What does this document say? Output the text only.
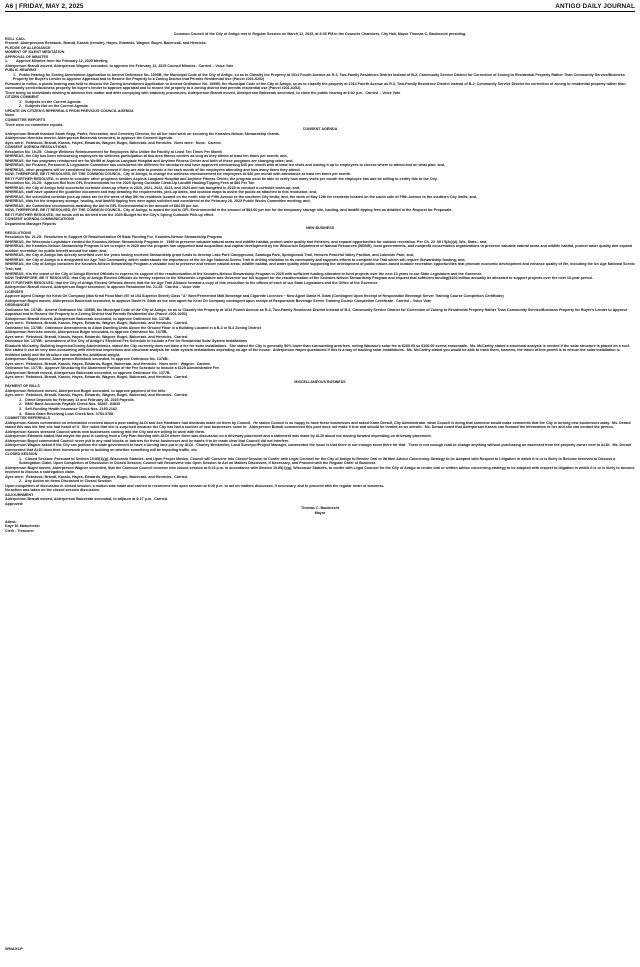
A6 | FRIDAY, MAY 2, 2025	ANTIGO DAILY JOURNAL

Common Council of the City of Antigo met in Regular Session on March 12, 2025, at 6:00 PM in the Councils Chambers, City Hall, Mayor Thomas C. Bauknecht presiding.

ROLL CALL

Present: Alderpersons Rebstock, Brandt, Kassis (remote), Hayes, Edwards, Wagner, Bugni, Balcerzak, and Henricks.

PLEDGE OF ALLEGIANCE

MOMENT OF SILENT MEDITATION

APPROVAL OF MINUTES

1.        Approve Minutes from the February 12, 2025 Meeting

Alderperson Brandt moved, Alderperson Wagner seconded, to approve the February 12, 2025 Council Minutes.  Carried – Voice Vote

PUBLIC HEARING

1.   Public Hearing for Zoning Amendment Application to Amend Ordinance No. 1095B, the Municipal Code of the City of Antigo, so as to Classify the Property at 1014 Fourth Avenue as R-3, Two-Family Residence District Instead of B-2, Community Service District for Correction of Zoning to Residential Property Rather Than Community Service/Business Property for Buyer's Lender to Approve Appraisal and to Rezone the Property to a Zoning District that Permits Residential Use (Parcel #201-0252)

Pursuant to notice, a public hearing was held to discuss the Zoning Amendment Application to Amend Ordinance No. 1095B, the Municipal Code of the City of Antigo, so as to classify the property at 1014 Fourth Avenue as R-3, Two-Family Residence District Instead of B-2, Community Service District for correction of zoning to residential property rather than community service/business property for buyer's lender to approve appraisal and to rezone the property to a zoning district that permits residential use (Parcel #201-0252).

There being no individuals wishing to address this matter and after complying with statutory procedures, Alderperson Brandt moved, Alderperson Balcerzak seconded, to close the public hearing at 6:02 p.m.  Carried – Voice Vote

CITIZEN COMMENT

1.   Subjects on the Current Agenda

2.   Subjects Not on the Current Agenda

UPDATE ON CITIZEN'S REFERRALS FROM PREVIOUS COUNCIL AGENDA

None.

COMMITTEE REPORTS

There were no committee reports.

CONSENT AGENDA

Alderperson Brandt thanked Sarah Repp, Parks, Recreation, and Cemetery Director, for all her hard work on securing the Knowles-Nelson Stewardship Grants.

Alderperson Henricks moved, Alderperson Balcerzak seconded, to approve the Consent Agenda.

Ayes were:  Rebstock, Brandt, Kassis, Hayes, Edwards, Wagner, Bugni, Balcerzak, and Henricks.  Noes were:  None.  Carried.

CONSENT AGENDA RESOLUTIONS

Resolution No. 19-25:  Change Wellness Reimbursement for Employees Who Utilize the Facility at Least Ten Times Per Month

WHEREAS, the City has been reimbursing employees for wellness participation at two area fitness centers as long as they attend at least ten times per month; and,

WHEREAS, the two programs reimbursed are for Wellfit at Aspirus Langlade Hospital and Anytime Fitness Center and both of these programs are changing rates; and,

WHEREAS, the Finance, Personnel & Legislative Committee has considered the different fee structures and have approved reimbursing $40 per month with at least ten visits and leaving it up to employees to choose where to attend and on what plan; and,

WHEREAS, other programs will be considered for reimbursement if they are able to provide a list each month of the employees attending and how many times they attend.

NOW, THEREFORE, BE IT RESOLVED, BY THE COMMON COUNCIL, City of Antigo, to change the wellness reimbursement for employees to $40 per month with attendance at least ten times per month.

BE IT FURTHER RESOLVED, in order to consider other programs besides Aspirus Langlade Hospital and Anytime Fitness Center, the program must be able to verify how many visits per month the employee has and be willing to certify this to the City.

Resolution No. 20-25:  Approve Bid from GFL Environmental for the 2025 Spring Curbside Clean-Up Landfill Hauling/Tipping Fees at $84 Per Ton

WHEREAS, the City of Antigo held successful curbside clean-up efforts in 2020, 2021, 2022, 2023, and 2024 and has budgeted in 2025 to conduct a curbside clean-up; and,

WHEREAS, staff have updated the guideline document and map detailing the requirements, pick-up dates, and location maps to assist the public as attached to this resolution; and,

WHEREAS, the scheduled curbside pick-up dates are for the week of May 5th for residents located on the north side of Fifth Avenue to the southern City limits; and, the week of May 12th for residents located on the south side of Fifth Avenue to the southern City limits; and,

WHEREAS, bids for the temporary storage, hauling, and landfill tipping fees were again solicited and considered at the February 26, 2025 Public Works Committee meeting; and,

WHEREAS, the Committee recommends awarding the bid to GFL Environmental in the amount of $84.00 per ton.

NOW, THEREFORE, BE IT RESOLVED, BY THE COMMON COUNCIL, City of Antigo, to award the bid to GFL Environmental in the amount of $84.00 per ton for the temporary storage site, hauling, and landfill tipping fees as detailed in the Request for Proposals.

BE IT FURTHER RESOLVED, the funds will be derived from the 2025 Budget for the City's Spring Curbside Pick-up effort.

CONSENT AGENDA COMMUNICATIONS

Department Manager Reports

NEW BUSINESS

RESOLUTIONS

Resolution No. 21-25:  Resolution In Support Of Reauthorization Of State Funding For  Knowles-Nelson Stewardship Program

WHEREAS, the Wisconsin Legislature created the Knowles-Nelson Stewardship Program in   1989 to preserve valuable natural areas and wildlife habitat, protect water quality and fisheries, and expand opportunities for outdoor recreation. Per Ch. 23 .09 I 5(2c)(d), Wis. Stats.; and,

WHEREAS, the Knowles-Nelson Stewardship Program is set to expire in 2025 and the program has supported land acquisition and capital development by the Wisconsin Department of Natural Resources (WDNR), local governments, and nonprofit conservation organizations to preserve valuable natural areas and wildlife habitat, protect water quality and expand outdoor recreation for public benefit around the state; and,

WHEREAS, the City of Antigo has directly benefited over the years having received Stewardship grant funds to develop Lake Park Campground, Saratoga Park, Springbrook Trail, Heinzen Peaceful Valley Pavilion, and Lakeside Park; and,

WHEREAS, the City of Antigo is a designated Ice Age Trail Community, which understands the importance of the Ice Age National Scenic Trail in driving visitation to its community and supports efforts to complete the Trail which will require Stewardship funding; and,

WHEREAS, the City of Antigo considers the Knowles-Nelson Stewardship Program a valuable tool to preserve and restore natural areas, wildlife habitat, and water quality while supporting the development of public nature-based outdoor recreation opportunities that promote economic development and enhance quality of life, including the Ice Age National Scenic Trail; and,

WHEREAS, it is the intent of the City of Antigo Elected Officials to express its support of the reauthorization of the Knowles-Nelson Stewardship Program in 2025 with sufficient funding allocated to fund projects over the next 10 years to our State Legislators and the Governor.

NOW THEREFORE, BE IT RESOLVED, that City of Antigo Elected Officials do hereby express to the Wisconsin Legislature and Governor our full support for the reauthorization of the Knowles-Nelson Stewardship Program and request that sufficient funding($100 million annually be allocated to support projects over the next 10-year period.

BE IT FURTHER RESOLVED, that the City of Antigo Elected Officials directs that the Ice Age Trail Alliance forward a copy of this resolution to the offices of each of our State Legislators and the Office of the Governor.

Alderperson Brandt moved, Alderperson Bugni seconded, to approve Resolution No. 21-25.  Carried – Voice Vote

LICENSES

Approve Agent Change for Kristi Oil Company (dba Kristi Food Mart #57 at 104 Superior Street) Class "A" Beer/Fermented Malt Beverage and Cigarette Licenses ~ New Agent David H. Stark (Contingent Upon Receipt of Responsible Beverage Server Training Course Completion Certificate)

Alderperson Bugni moved, Alderperson Balcerzak seconded, to approve David H. Stark as the new agent for Krist Oil Company contingent upon receipt of Responsible Beverage Server Training Course Completion Certificate.  Carried – Voice Vote

ORDINANCES

Ordinance No. 1374B:  Amend Ordinance No. 1095B, the Municipal Code of the City of Antigo, so as to Classify the Property at 1014 Fourth Avenue as R-3, Two-Family Residence District Instead of B-2, Community Service District for Correction of Zoning to Residential Property Rather Than Community Service/Business Property for Buyer's Lender to Approve Appraisal and to Rezone the Property to a Zoning District that Permits Residential Use (Parcel #201-0252)

Alderperson Brandt moved, Alderperson Balcerzak seconded, to approve Ordinance No. 1374B.

Ayes were:  Rebstock, Brandt, Kassis, Hayes, Edwards, Wagner, Bugni, Balcerzak, and Henricks.  Carried.

Ordinance No. 1375B:  Ordinance Amendments to Allow Dwelling Units Above the Ground Floor in a Building Located in a B-3 or B-4 Zoning District

Alderperson Henricks moved, Alderperson Bugni seconded, to approve Ordinance No. 1375B.

Ayes were:  Rebstock, Brandt, Kassis, Hayes, Edwards, Wagner, Bugni, Balcerzak, and Henricks.  Carried.

Ordinance No. 1376B:  Amendment of the City of Antigo's Electrical Fee Schedule to Include a Fee for Residential Solar System Installations

Elizabeth McCarthy, Building Inspector/Zoning Administrator, stated the City currently does not have a fee for solar installations.  She stated the City is generally 50% lower than surrounding area fees, noting Wausau's solar fee is $200.00 so $100.00 seems reasonable.  Ms. McCarthy stated a structural analysis is needed if the solar structure is placed on a roof.  She stated it can be very time-consuming with electrical inspections and structural analysis for solar system installations depending on age of the house.  Alderperson Hayes questioned if this is a way of tracking solar installations.  Ms. McCarthy stated you would be able to track them, however, the intent of this permit is to ensure the solar installation is installed safely and the structure can handle the additional weight.

Alderperson Bugni moved, Alderperson Rebstock seconded, to approve Ordinance No. 1376B.

Ayes were:  Rebstock, Brandt, Kassis, Hayes, Edwards, Bugni, Balcerzak, and Henricks.  Noes were:  Wagner.  Carried.

Ordinance No. 1377B:  Approve Structuring the Abatement Portion of the Fee Schedule to Include a $125 Administrative Fee

Alderperson Brandt moved, Alderperson Balcerzak seconded, to approve Ordinance No. 1377B.

Ayes were:  Rebstock, Brandt, Kassis, Hayes, Edwards, Wagner, Bugni, Balcerzak, and Henricks.  Carried.

MISCELLANEOUS BUSINESS

PAYMENT OF BILLS

Alderperson Rebstock moved, Alderperson Bugni seconded, to approve payment of the bills.

Ayes were:  Rebstock, Brandt, Kassis, Hayes, Edwards, Wagner, Bugni, Balcerzak, and Henricks.  Carried.

1.   Direct Deposits for February 14 and February 28, 2025 Payrolls

2.   BMO Bank Accounts Payable Check Nos. 83467- 83639

3.   Self-Funding Health Insurance Check Nos. 2160-2162

4.   Block Grant Revolving Loan Check Nos. 3784-3788

COMMITTEE REFERRALS

Alderperson Kassis commented on information received about a post stating ALDI and Ace Hardware had demands made on them by Council.  He stated Council is so happy to have these businesses and asked Karin Derauf, City Administrator, what Council is doing that someone would make comments that the City is turning new businesses away.  Ms. Derauf stated this was the first she had heard of it.  She noted that she is surprised because the City has had a number of new businesses come in.  Alderperson Brandt commented this post does not make it true and should be treated as an untruth.  Ms. Derauf noted that Alderperson Kassis can forward the information to her and she can contact the person.  Alderperson Kassis stressed Council wants new businesses coming into the City and are willing to work with them.

Alderperson Edwards stated that maybe the post is coming from a City Plan Meeting with ALDI where there was discussion on a driveway placement and a statement was made by ALDI about not moving forward depending on driveway placement.

Alderperson Bugni commented Council never put in any road blocks or barriers for these businesses and he wants it to be made clear that Council did not interfere.

Alderperson Wagner asked if the City can petition the state government to have a turning lane put in by ALDI.  Charley Brinkmeier, Land Surveyor/Project Manager, commented the issue is that there is not enough room there for that.  There is not enough road to change anything without purchasing an easement from the property owner next to ALDI.  Ms. Derauf commented that ALDI does their homework prior to building on whether something will be impeding traffic, etc.

CLOSED SESSION

1.   Closed Session: Pursuant to Section 19.85(1)(g), Wisconsin Statutes, and Upon Proper Motion, Council will Convene into Closed Session to Confer with Legal Counsel for the City of Antigo to Render Oral or Written Advice Concerning Strategy to be Adopted with Respect to Litigation in which it is or is likely to Become Involved to Discuss a Subrogation Claim. Upon Completion of Discussion in Closed Session, Council will Reconvene into Open Session to Act on Matters Discussed, if Necessary, and Proceed with the Regular Order of Business

Alderperson Bugni moved, Alderperson Wagner seconded, that the Common Council convene into closed session at 6:23 p.m. in accordance with Section 19.85(1)(g), Wisconsin Statutes, to confer with Legal Counsel for the City of Antigo to render oral or written advice concerning strategy to be adopted with respect to litigation in which it is or is likely to become involved to discuss a subrogation claim.

Ayes were:  Rebstock, Brandt, Kassis, Hayes, Edwards, Wagner, Bugni, Balcerzak, and Henricks.  Carried.

2.   Any Action on Items Discussed in Closed Session

Upon completion of discussion in closed session, a motion was made and carried to reconvene into open session at 6:26 p.m. to act on matters discussed, if necessary, and to proceed with the regular order of business.

No action was taken on the closed session discussion.

ADJOURNMENT

Alderperson Brandt moved, Alderperson Balcerzak seconded, to adjourn at 6:27 p.m.  Carried.

Approved:

Thomas C. Bauknecht

Mayor

Attest:

Kaye M. Matucheski

Clerk - Treasurer

WNAXLP
